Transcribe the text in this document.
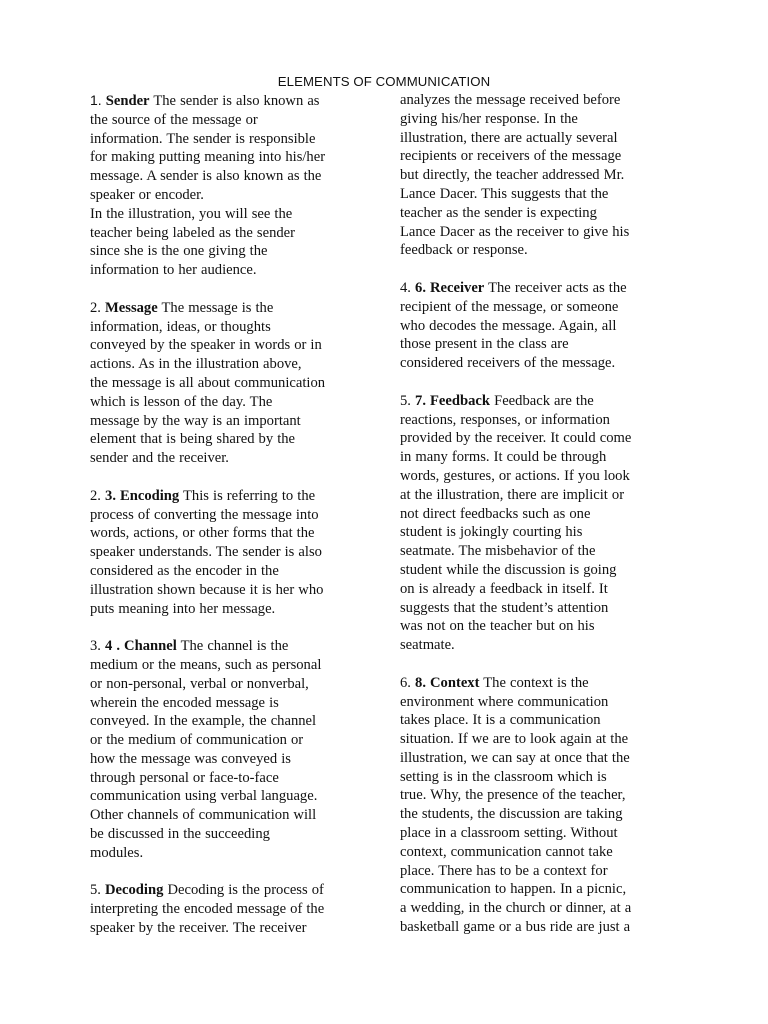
ELEMENTS OF COMMUNICATION
1. Sender The sender is also known as
the source of the message or
information. The sender is responsible
for making putting meaning into his/her
message. A sender is also known as the
speaker or encoder.
In the illustration, you will see the
teacher being labeled as the sender
since she is the one giving the
information to her audience.
2. Message The message is the
information, ideas, or thoughts
conveyed by the speaker in words or in
actions. As in the illustration above,
the message is all about communication
which is lesson of the day. The
message by the way is an important
element that is being shared by the
sender and the receiver.
2. 3. Encoding This is referring to the
process of converting the message into
words, actions, or other forms that the
speaker understands. The sender is also
considered as the encoder in the
illustration shown because it is her who
puts meaning into her message.
3. 4 . Channel The channel is the
medium or the means, such as personal
or non-personal, verbal or nonverbal,
wherein the encoded message is
conveyed. In the example, the channel
or the medium of communication or
how the message was conveyed is
through personal or face-to-face
communication using verbal language.
Other channels of communication will
be discussed in the succeeding
modules.
5. Decoding Decoding is the process of
interpreting the encoded message of the
speaker by the receiver. The receiver
analyzes the message received before
giving his/her response. In the
illustration, there are actually several
recipients or receivers of the message
but directly, the teacher addressed Mr.
Lance Dacer. This suggests that the
teacher as the sender is expecting
Lance Dacer as the receiver to give his
feedback or response.
4. 6. Receiver The receiver acts as the
recipient of the message, or someone
who decodes the message. Again, all
those present in the class are
considered receivers of the message.
5. 7. Feedback Feedback are the
reactions, responses, or information
provided by the receiver. It could come
in many forms. It could be through
words, gestures, or actions. If you look
at the illustration, there are implicit or
not direct feedbacks such as one
student is jokingly courting his
seatmate. The misbehavior of the
student while the discussion is going
on is already a feedback in itself. It
suggests that the student’s attention
was not on the teacher but on his
seatmate.
6. 8. Context The context is the
environment where communication
takes place. It is a communication
situation. If we are to look again at the
illustration, we can say at once that the
setting is in the classroom which is
true. Why, the presence of the teacher,
the students, the discussion are taking
place in a classroom setting. Without
context, communication cannot take
place. There has to be a context for
communication to happen. In a picnic,
a wedding, in the church or dinner, at a
basketball game or a bus ride are just a
